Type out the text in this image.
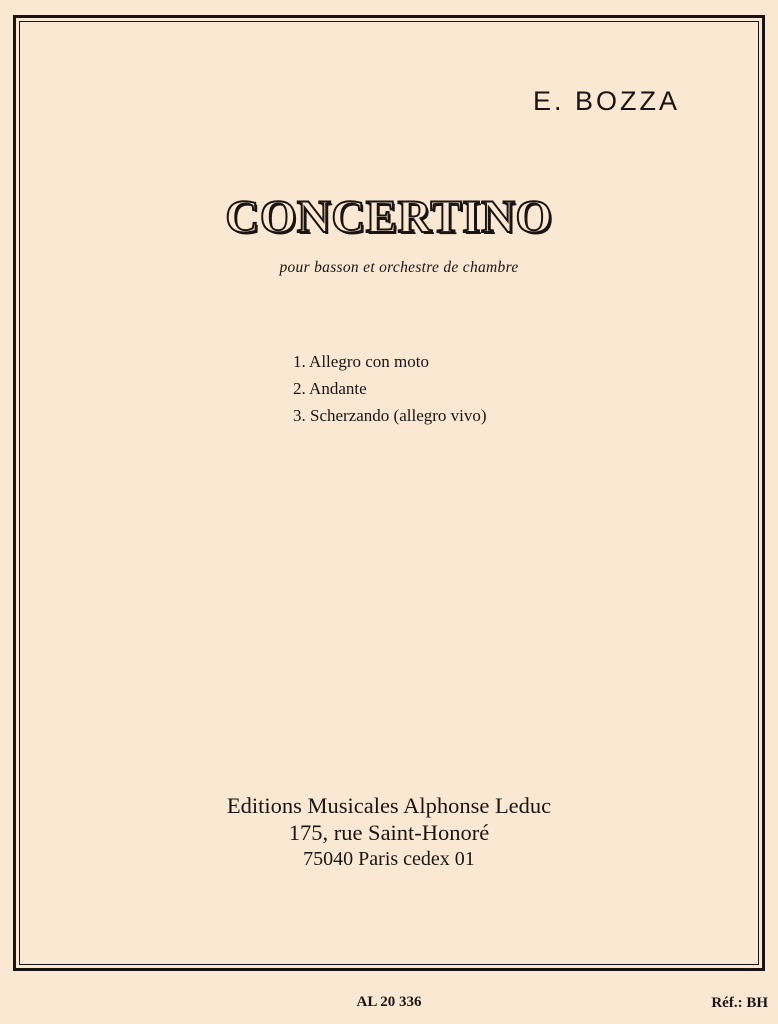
E. BOZZA
CONCERTINO
pour basson et orchestre de chambre
1. Allegro con moto
2. Andante
3. Scherzando (allegro vivo)
Editions Musicales Alphonse Leduc
175, rue Saint-Honoré
75040 Paris cedex 01
AL 20 336	Réf.: BH
